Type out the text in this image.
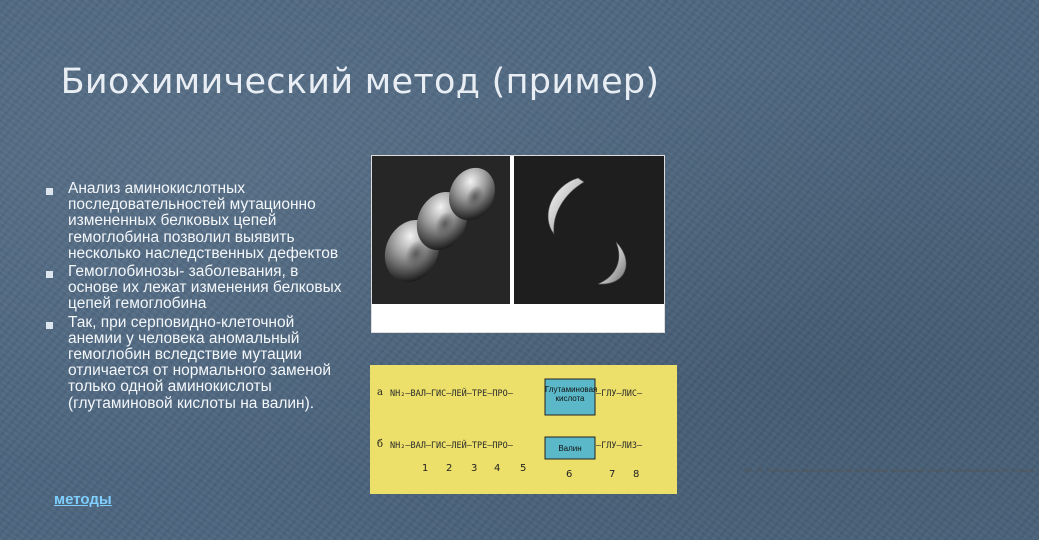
Биохимический метод (пример)
Анализ аминокислотных последовательностей мутационно измененных белковых цепей гемоглобина позволил выявить несколько наследственных дефектов
Гемоглобинозы- заболевания, в основе их лежат изменения белковых цепей гемоглобина
Так, при серповидно-клеточной анемии у человека аномальный гемоглобин вследствие мутации отличается от нормального заменой только одной аминокислоты (глутаминовой кислоты на валин).
методы
Рис. 25. Электронно-микроскопические фотографии нормальных (слева) и серповидных клеток (справа)...
а NH₂—ВАЛ—ГИС—ЛЕЙ—ТРЕ—ПРО—	Глутаминовая кислота	—ГЛУ—ЛИС—
б NH₂—ВАЛ—ГИС—ЛЕЙ—ТРЕ—ПРО—	Валин	—ГЛУ—ЛИЗ—
1 2 3 4 5
6	7 8
